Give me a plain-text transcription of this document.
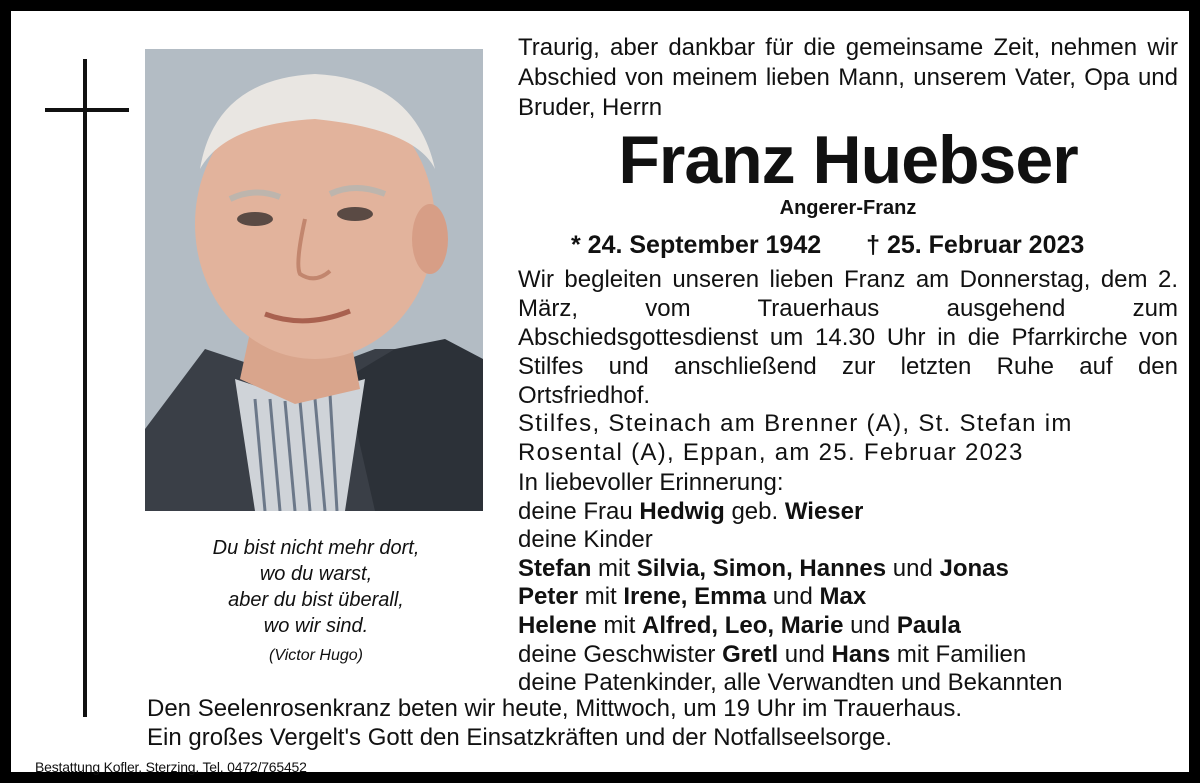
Du bist nicht mehr dort,
wo du warst,
aber du bist überall,
wo wir sind.
(Victor Hugo)
Traurig, aber dankbar für die gemeinsame Zeit, nehmen wir Abschied von meinem lieben Mann, unserem Vater, Opa und Bruder, Herrn
Franz Huebser
Angerer-Franz
* 24. September 1942 † 25. Februar 2023
Wir begleiten unseren lieben Franz am Donnerstag, dem 2. März, vom Trauerhaus ausgehend zum Abschiedsgottesdienst um 14.30 Uhr in die Pfarrkirche von Stilfes und anschließend zur letzten Ruhe auf den Ortsfriedhof.
Stilfes, Steinach am Brenner (A), St. Stefan im Rosental (A), Eppan, am 25. Februar 2023
In liebevoller Erinnerung:
deine Frau Hedwig geb. Wieser
deine Kinder
Stefan mit Silvia, Simon, Hannes und Jonas
Peter mit Irene, Emma und Max
Helene mit Alfred, Leo, Marie und Paula
deine Geschwister Gretl und Hans mit Familien
deine Patenkinder, alle Verwandten und Bekannten
Den Seelenrosenkranz beten wir heute, Mittwoch, um 19 Uhr im Trauerhaus.
Ein großes Vergelt's Gott den Einsatzkräften und der Notfallseelsorge.
Bestattung Kofler, Sterzing, Tel. 0472/765452
